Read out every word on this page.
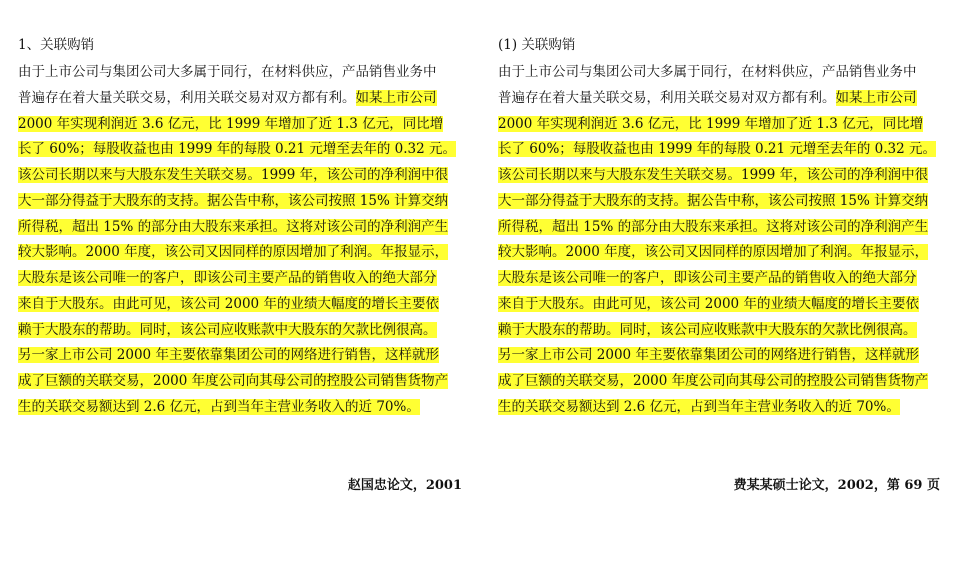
1、关联购销

由于上市公司与集团公司大多属于同行，在材料供应，产品销售业务中
普遍存在着大量关联交易，利用关联交易对双方都有利。如某上市公司
2000 年实现利润近 3.6 亿元，比 1999 年增加了近 1.3 亿元，同比增
长了 60%；每股收益也由 1999 年的每股 0.21 元增至去年的 0.32 元。
该公司长期以来与大股东发生关联交易。1999 年，该公司的净利润中很
大一部分得益于大股东的支持。据公告中称，该公司按照 15% 计算交纳
所得税，超出 15% 的部分由大股东来承担。这将对该公司的净利润产生
较大影响。2000 年度，该公司又因同样的原因增加了利润。年报显示，
大股东是该公司唯一的客户，即该公司主要产品的销售收入的绝大部分
来自于大股东。由此可见，该公司 2000 年的业绩大幅度的增长主要依
赖于大股东的帮助。同时，该公司应收账款中大股东的欠款比例很高。
另一家上市公司 2000 年主要依靠集团公司的网络进行销售，这样就形
成了巨额的关联交易，2000 年度公司向其母公司的控股公司销售货物产
生的关联交易额达到 2.6 亿元，占到当年主营业务收入的近 70%。

赵国忠论文，2001
(1) 关联购销

由于上市公司与集团公司大多属于同行，在材料供应，产品销售业务中
普遍存在着大量关联交易，利用关联交易对双方都有利。如某上市公司
2000 年实现利润近 3.6 亿元，比 1999 年增加了近 1.3 亿元，同比增
长了 60%；每股收益也由 1999 年的每股 0.21 元增至去年的 0.32 元。
该公司长期以来与大股东发生关联交易。1999 年，该公司的净利润中很
大一部分得益于大股东的支持。据公告中称，该公司按照 15% 计算交纳
所得税，超出 15% 的部分由大股东来承担。这将对该公司的净利润产生
较大影响。2000 年度，该公司又因同样的原因增加了利润。年报显示，
大股东是该公司唯一的客户，即该公司主要产品的销售收入的绝大部分
来自于大股东。由此可见，该公司 2000 年的业绩大幅度的增长主要依
赖于大股东的帮助。同时，该公司应收账款中大股东的欠款比例很高。
另一家上市公司 2000 年主要依靠集团公司的网络进行销售，这样就形
成了巨额的关联交易，2000 年度公司向其母公司的控股公司销售货物产
生的关联交易额达到 2.6 亿元，占到当年主营业务收入的近 70%。

费某某硕士论文，2002，第 69 页
